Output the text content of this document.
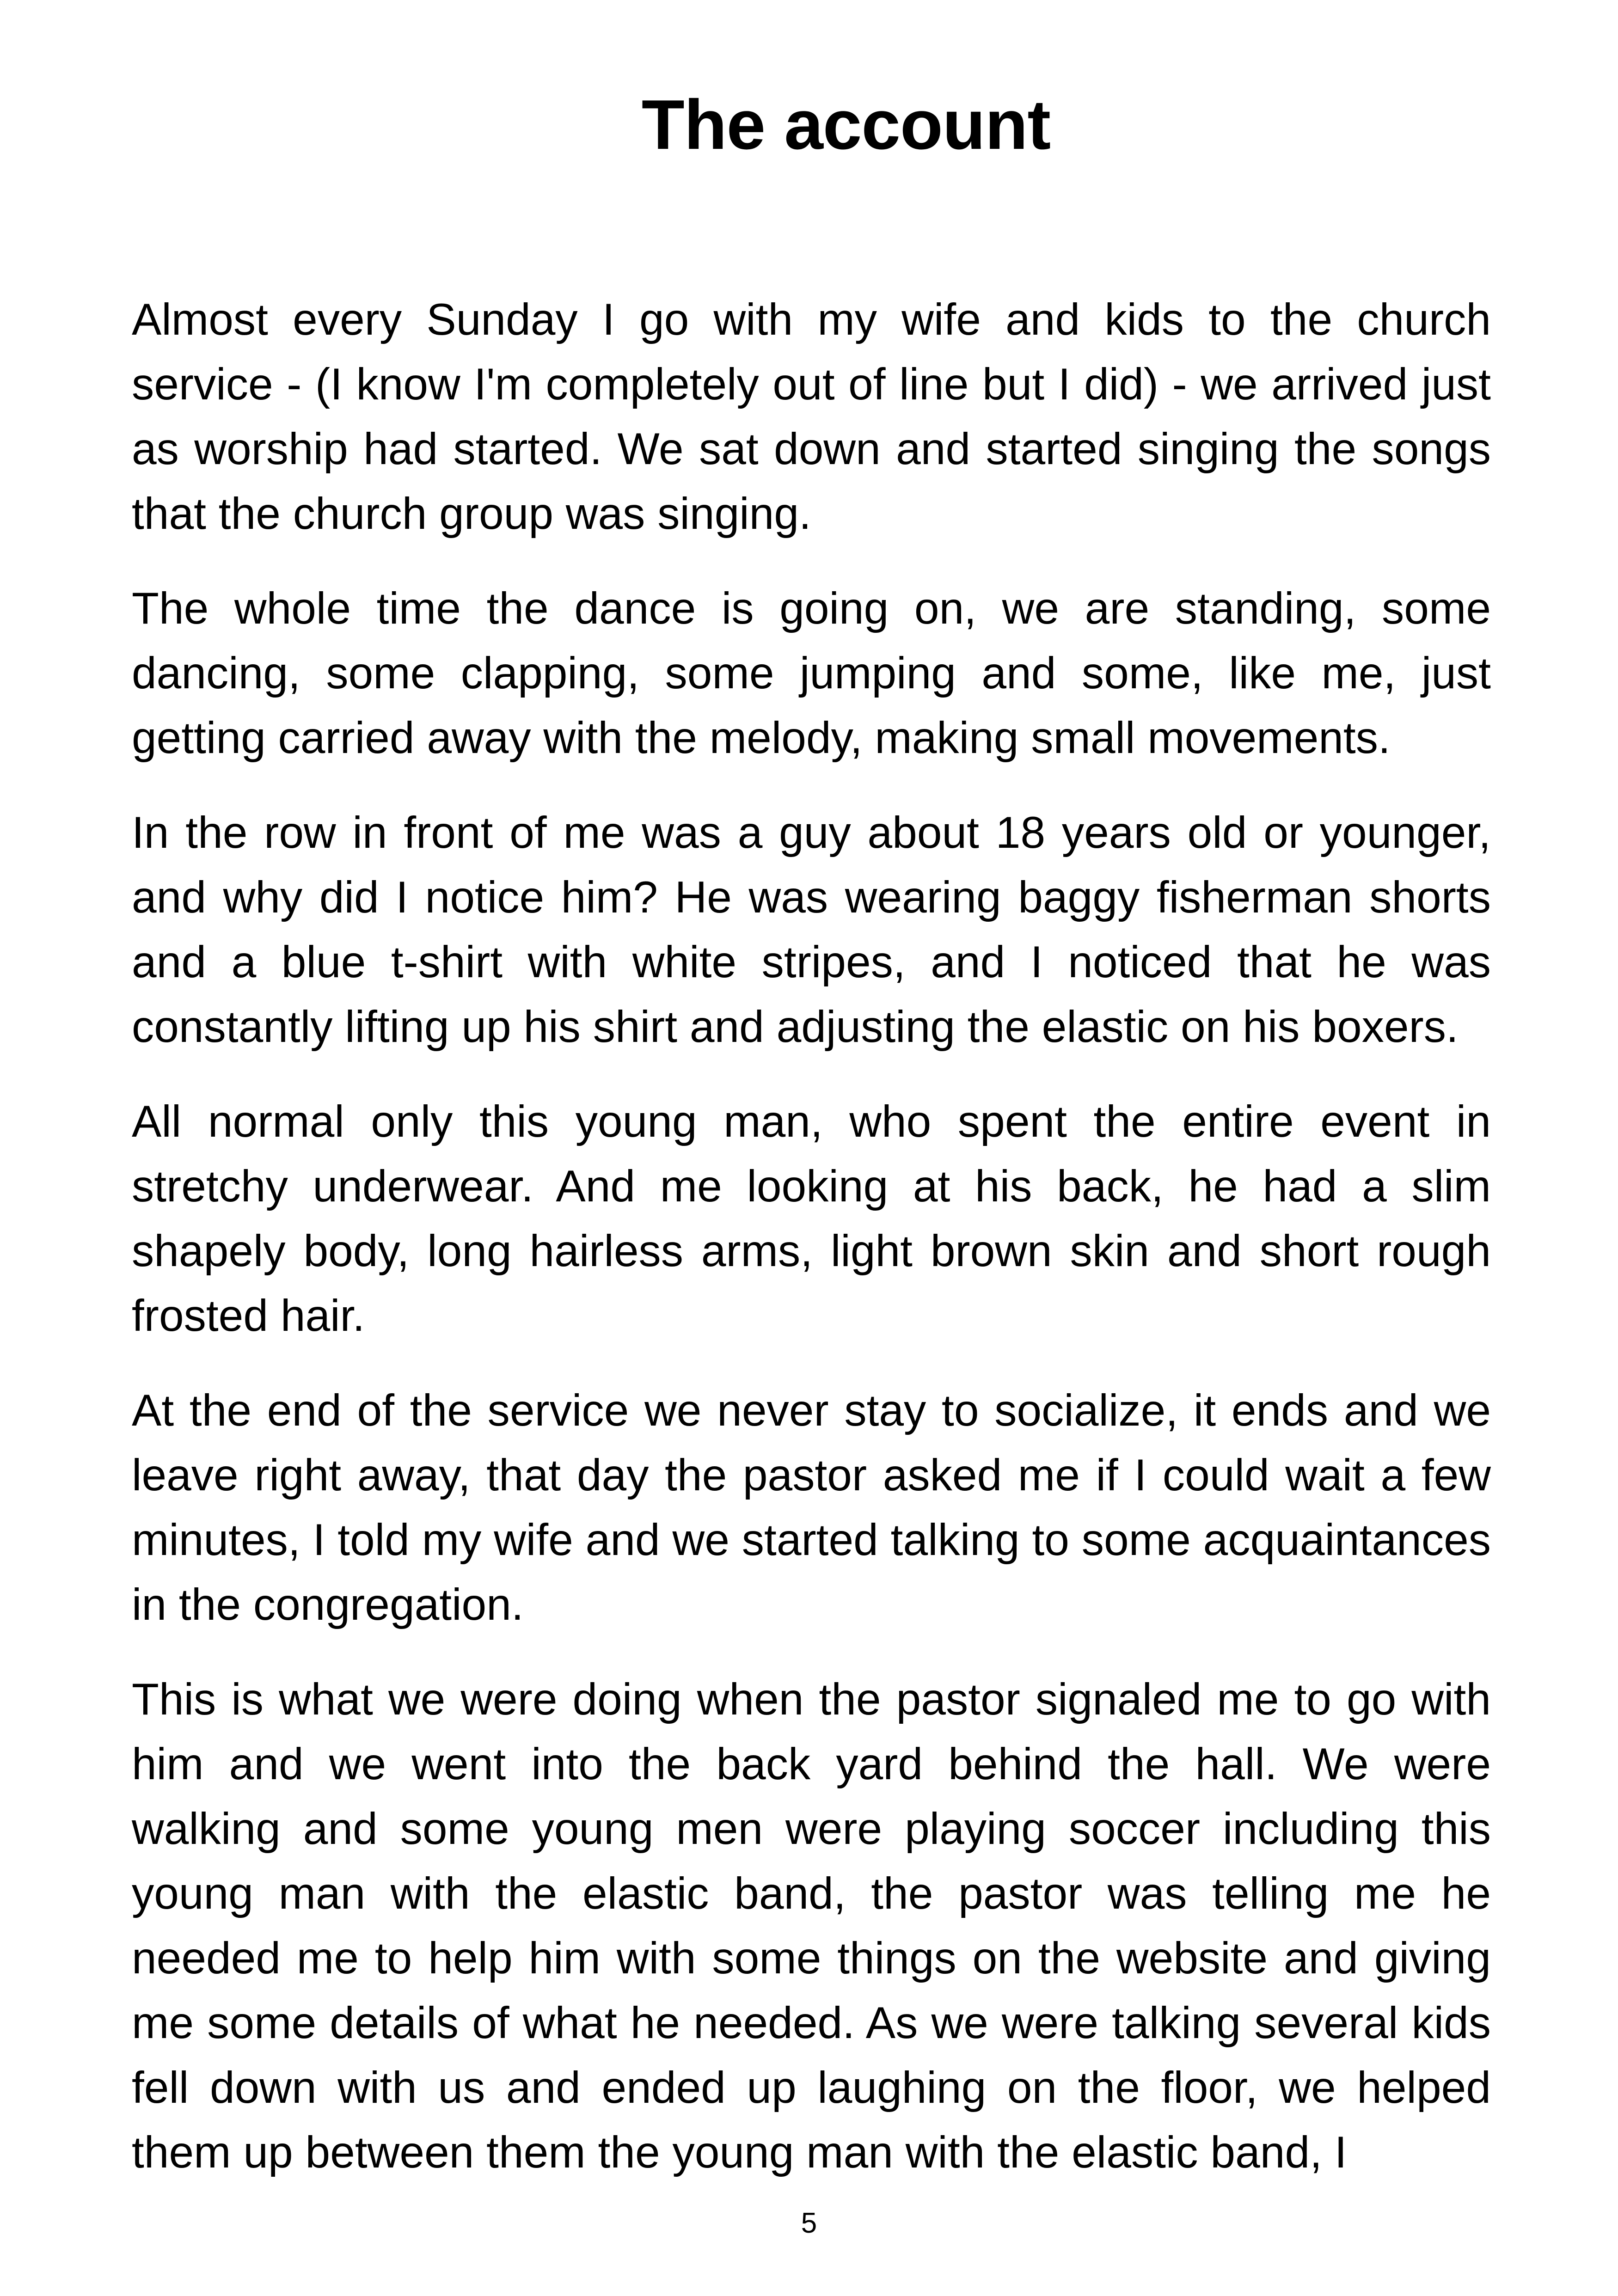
The account

Almost every Sunday I go with my wife and kids to the church service - (I know I'm completely out of line but I did) - we arrived just as worship had started. We sat down and started singing the songs that the church group was singing.

The whole time the dance is going on, we are standing, some dancing, some clapping, some jumping and some, like me, just getting carried away with the melody, making small movements.

In the row in front of me was a guy about 18 years old or younger, and why did I notice him? He was wearing baggy fisherman shorts and a blue t-shirt with white stripes, and I noticed that he was constantly lifting up his shirt and adjusting the elastic on his boxers.

All normal only this young man, who spent the entire event in stretchy underwear. And me looking at his back, he had a slim shapely body, long hairless arms, light brown skin and short rough frosted hair.

At the end of the service we never stay to socialize, it ends and we leave right away, that day the pastor asked me if I could wait a few minutes, I told my wife and we started talking to some acquaintances in the congregation.

This is what we were doing when the pastor signaled me to go with him and we went into the back yard behind the hall. We were walking and some young men were playing soccer including this young man with the elastic band, the pastor was telling me he needed me to help him with some things on the website and giving me some details of what he needed. As we were talking several kids fell down with us and ended up laughing on the floor, we helped them up between them the young man with the elastic band, I

5
